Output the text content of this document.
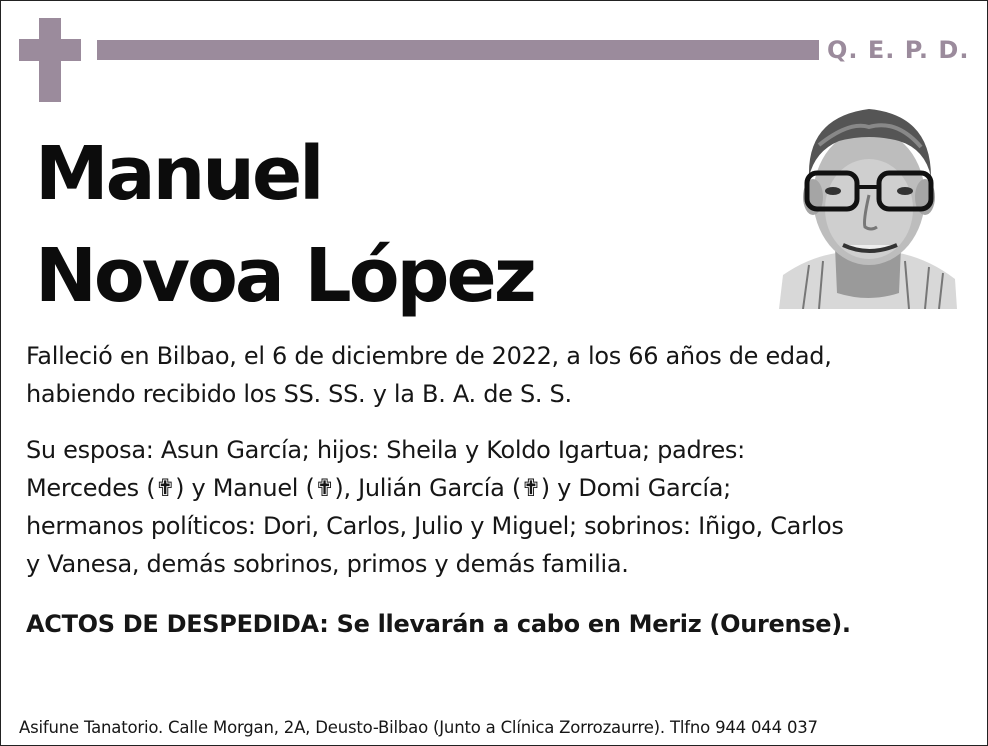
Q. E. P. D.
Manuel
Novoa López
Falleció en Bilbao, el 6 de diciembre de 2022, a los 66 años de edad,
habiendo recibido los SS. SS. y la B. A. de S. S.
Su esposa: Asun García; hijos: Sheila y Koldo Igartua; padres:
Mercedes (✟) y Manuel (✟), Julián García (✟) y Domi García;
hermanos políticos: Dori, Carlos, Julio y Miguel; sobrinos: Iñigo, Carlos
y Vanesa, demás sobrinos, primos y demás familia.
ACTOS DE DESPEDIDA: Se llevarán a cabo en Meriz (Ourense).
Asifune Tanatorio. Calle Morgan, 2A, Deusto-Bilbao (Junto a Clínica Zorrozaurre). Tlfno 944 044 037
